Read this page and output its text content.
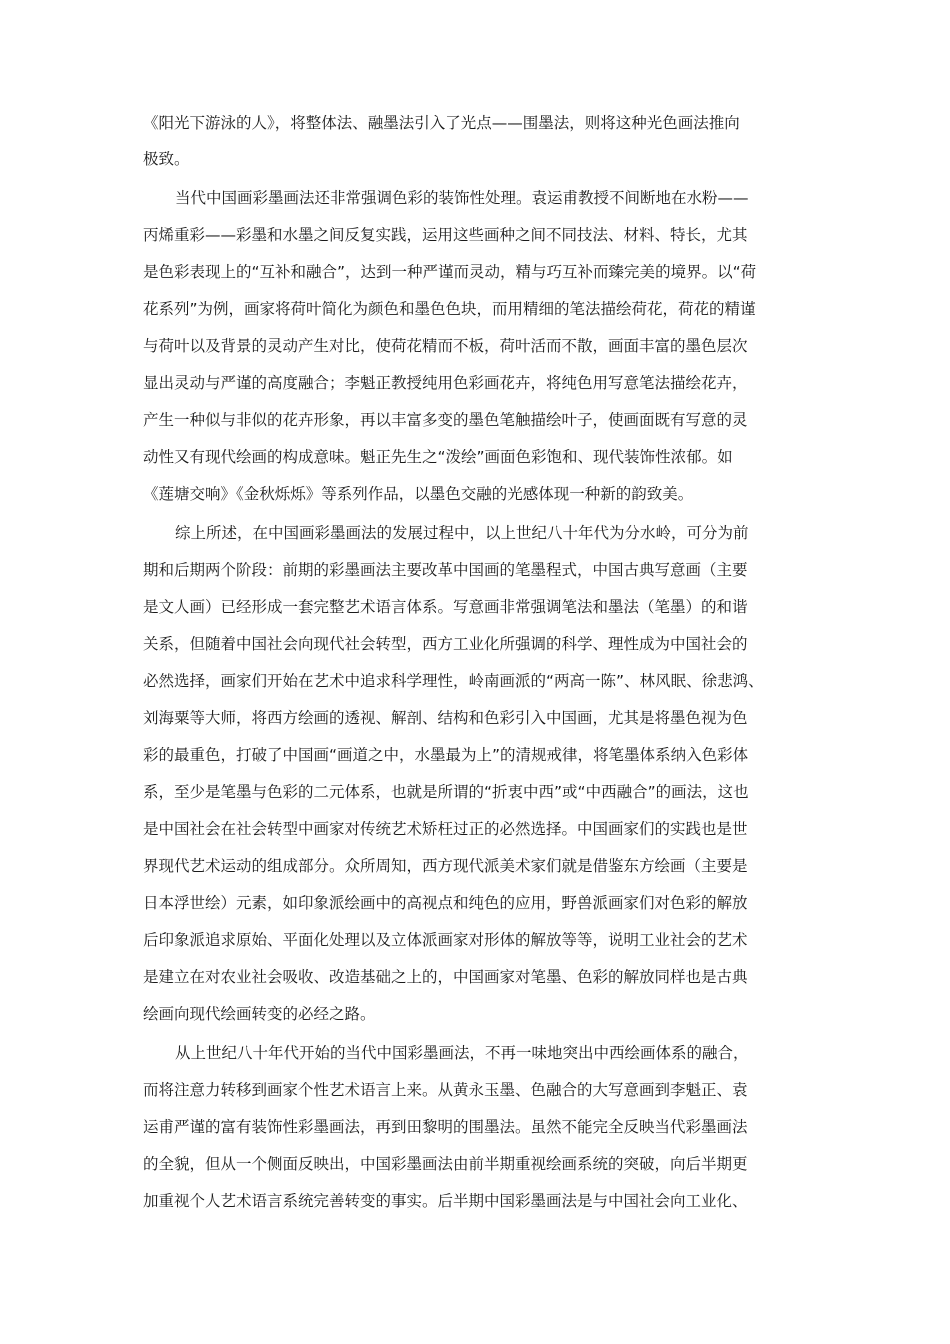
《阳光下游泳的人》，将整体法、融墨法引入了光点——围墨法，则将这种光色画法推向
极致。
当代中国画彩墨画法还非常强调色彩的装饰性处理。袁运甫教授不间断地在水粉——
丙烯重彩——彩墨和水墨之间反复实践，运用这些画种之间不同技法、材料、特长，尤其
是色彩表现上的“互补和融合”，达到一种严谨而灵动，精与巧互补而臻完美的境界。以“荷
花系列”为例，画家将荷叶简化为颜色和墨色色块，而用精细的笔法描绘荷花，荷花的精谨
与荷叶以及背景的灵动产生对比，使荷花精而不板，荷叶活而不散，画面丰富的墨色层次
显出灵动与严谨的高度融合；李魁正教授纯用色彩画花卉，将纯色用写意笔法描绘花卉，
产生一种似与非似的花卉形象，再以丰富多变的墨色笔触描绘叶子，使画面既有写意的灵
动性又有现代绘画的构成意味。魁正先生之“泼绘”画面色彩饱和、现代装饰性浓郁。如
《莲塘交响》《金秋烁烁》等系列作品，以墨色交融的光感体现一种新的韵致美。
综上所述，在中国画彩墨画法的发展过程中，以上世纪八十年代为分水岭，可分为前
期和后期两个阶段：前期的彩墨画法主要改革中国画的笔墨程式，中国古典写意画（主要
是文人画）已经形成一套完整艺术语言体系。写意画非常强调笔法和墨法（笔墨）的和谐
关系，但随着中国社会向现代社会转型，西方工业化所强调的科学、理性成为中国社会的
必然选择，画家们开始在艺术中追求科学理性，岭南画派的“两高一陈”、林风眠、徐悲鸿、
刘海粟等大师，将西方绘画的透视、解剖、结构和色彩引入中国画，尤其是将墨色视为色
彩的最重色，打破了中国画“画道之中，水墨最为上”的清规戒律，将笔墨体系纳入色彩体
系，至少是笔墨与色彩的二元体系，也就是所谓的“折衷中西”或“中西融合”的画法，这也
是中国社会在社会转型中画家对传统艺术矫枉过正的必然选择。中国画家们的实践也是世
界现代艺术运动的组成部分。众所周知，西方现代派美术家们就是借鉴东方绘画（主要是
日本浮世绘）元素，如印象派绘画中的高视点和纯色的应用，野兽派画家们对色彩的解放
后印象派追求原始、平面化处理以及立体派画家对形体的解放等等，说明工业社会的艺术
是建立在对农业社会吸收、改造基础之上的，中国画家对笔墨、色彩的解放同样也是古典
绘画向现代绘画转变的必经之路。
从上世纪八十年代开始的当代中国彩墨画法，不再一味地突出中西绘画体系的融合，
而将注意力转移到画家个性艺术语言上来。从黄永玉墨、色融合的大写意画到李魁正、袁
运甫严谨的富有装饰性彩墨画法，再到田黎明的围墨法。虽然不能完全反映当代彩墨画法
的全貌，但从一个侧面反映出，中国彩墨画法由前半期重视绘画系统的突破，向后半期更
加重视个人艺术语言系统完善转变的事实。后半期中国彩墨画法是与中国社会向工业化、
